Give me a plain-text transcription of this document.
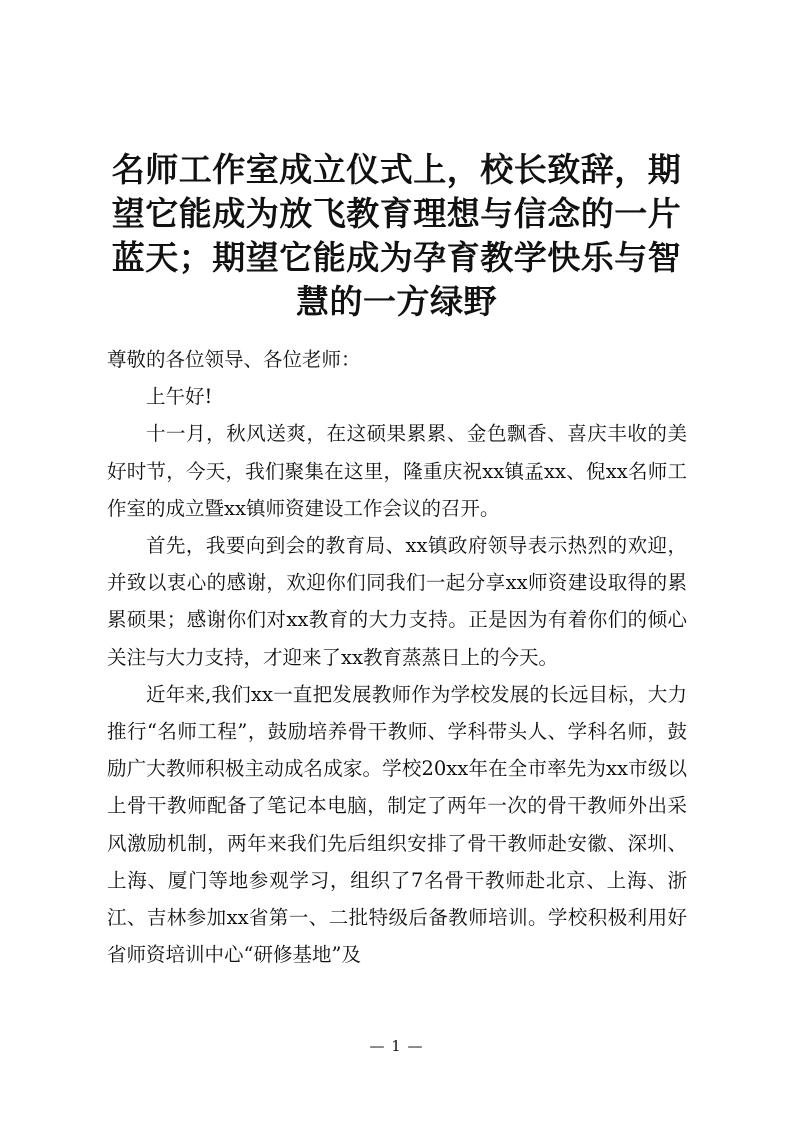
名师工作室成立仪式上，校长致辞，期望它能成为放飞教育理想与信念的一片蓝天；期望它能成为孕育教学快乐与智慧的一方绿野

尊敬的各位领导、各位老师：

上午好!

十一月，秋风送爽，在这硕果累累、金色飘香、喜庆丰收的美好时节，今天，我们聚集在这里，隆重庆祝xx镇孟xx、倪xx名师工作室的成立暨xx镇师资建设工作会议的召开。

首先，我要向到会的教育局、xx镇政府领导表示热烈的欢迎，并致以衷心的感谢，欢迎你们同我们一起分享xx师资建设取得的累累硕果；感谢你们对xx教育的大力支持。正是因为有着你们的倾心关注与大力支持，才迎来了xx教育蒸蒸日上的今天。

近年来,我们xx一直把发展教师作为学校发展的长远目标，大力推行“名师工程”，鼓励培养骨干教师、学科带头人、学科名师，鼓励广大教师积极主动成名成家。学校20xx年在全市率先为xx市级以上骨干教师配备了笔记本电脑，制定了两年一次的骨干教师外出采风激励机制，两年来我们先后组织安排了骨干教师赴安徽、深圳、上海、厦门等地参观学习，组织了7名骨干教师赴北京、上海、浙江、吉林参加xx省第一、二批特级后备教师培训。学校积极利用好省师资培训中心“研修基地”及

— 1 —
